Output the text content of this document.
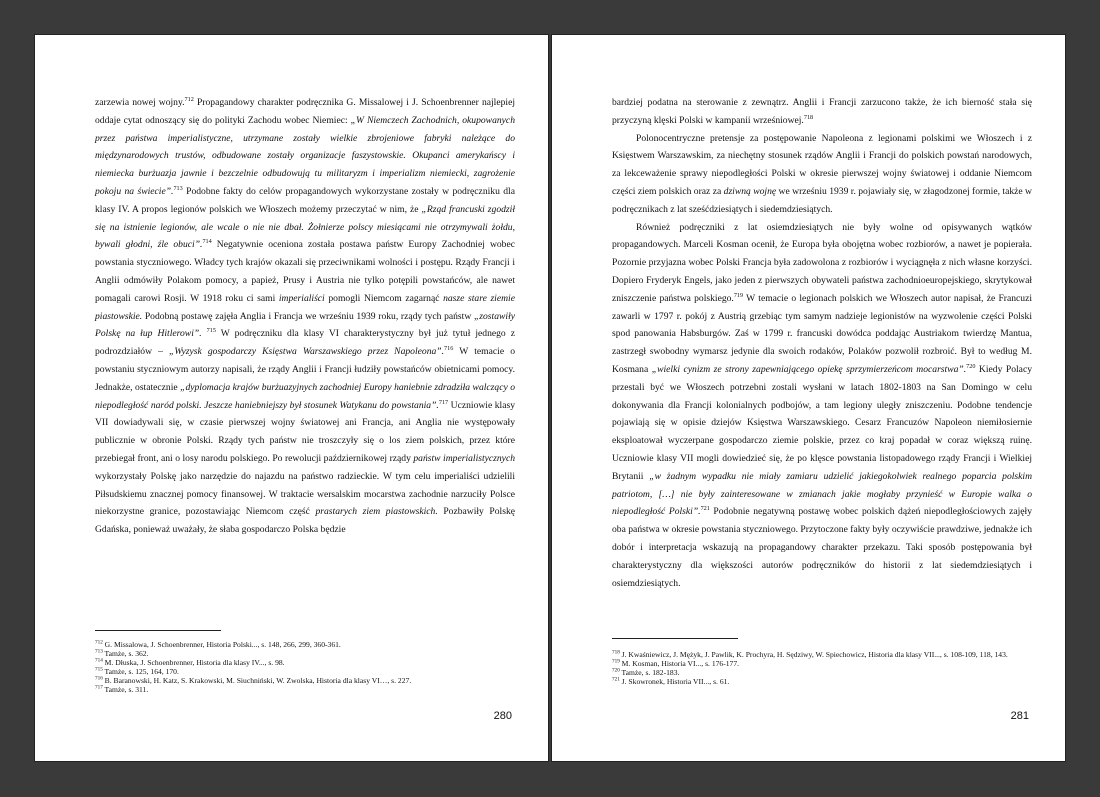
zarzewia nowej wojny.$^{712}$ Propagandowy charakter podręcznika G. Missalowej i J. Schoenbrenner najlepiej oddaje cytat odnoszący się do polityki Zachodu wobec Niemiec: „W Niemczech Zachodnich, okupowanych przez państwa imperialistyczne, utrzymane zostały wielkie zbrojeniowe fabryki należące do międzynarodowych trustów, odbudowane zostały organizacje faszystowskie. Okupanci amerykańscy i niemiecka burżuazja jawnie i bezczelnie odbudowują tu militaryzm i imperializm niemiecki, zagrożenie pokoju na świecie”.$^{713}$ Podobne fakty do celów propagandowych wykorzystane zostały w podręczniku dla klasy IV. A propos legionów polskich we Włoszech możemy przeczytać w nim, że „Rząd francuski zgodził się na istnienie legionów, ale wcale o nie nie dbał. Żołnierze polscy miesiącami nie otrzymywali żołdu, bywali głodni, źle obuci”.$^{714}$ Negatywnie oceniona została postawa państw Europy Zachodniej wobec powstania styczniowego. Władcy tych krajów okazali się przeciwnikami wolności i postępu. Rządy Francji i Anglii odmówiły Polakom pomocy, a papież, Prusy i Austria nie tylko potępili powstańców, ale nawet pomagali carowi Rosji. W 1918 roku ci sami imperialiści pomogli Niemcom zagarnąć nasze stare ziemie piastowskie. Podobną postawę zajęła Anglia i Francja we wrześniu 1939 roku, rządy tych państw „zostawiły Polskę na łup Hitlerowi”. $^{715}$ W podręczniku dla klasy VI charakterystyczny był już tytuł jednego z podrozdziałów – „Wyzysk gospodarczy Księstwa Warszawskiego przez Napoleona”.$^{716}$ W temacie o powstaniu styczniowym autorzy napisali, że rządy Anglii i Francji łudziły powstańców obietnicami pomocy. Jednakże, ostatecznie „dyplomacja krajów burżuazyjnych zachodniej Europy haniebnie zdradziła walczący o niepodległość naród polski. Jeszcze haniebniejszy był stosunek Watykanu do powstania”.$^{717}$ Uczniowie klasy VII dowiadywali się, w czasie pierwszej wojny światowej ani Francja, ani Anglia nie występowały publicznie w obronie Polski. Rządy tych państw nie troszczyły się o los ziem polskich, przez które przebiegał front, ani o losy narodu polskiego. Po rewolucji październikowej rządy państw imperialistycznych wykorzystały Polskę jako narzędzie do najazdu na państwo radzieckie. W tym celu imperialiści udzielili Piłsudskiemu znacznej pomocy finansowej. W traktacie wersalskim mocarstwa zachodnie narzuciły Polsce niekorzystne granice, pozostawiając Niemcom część prastarych ziem piastowskich. Pozbawiły Polskę Gdańska, ponieważ uważały, że słaba gospodarczo Polska będzie

$^{712}$ G. Missalowa, J. Schoenbrenner, Historia Polski..., s. 148, 266, 299, 360-361.

$^{713}$ Tamże, s. 362.

$^{714}$ M. Dłuska, J. Schoenbrenner, Historia dla klasy IV..., s. 98.

$^{715}$ Tamże, s. 125, 164, 170.

$^{716}$ B. Baranowski, H. Katz, S. Krakowski, M. Siuchniński, W. Zwolska, Historia dla klasy VI…, s. 227.

$^{717}$ Tamże, s. 311.

280

bardziej podatna na sterowanie z zewnątrz. Anglii i Francji zarzucono także, że ich bierność stała się przyczyną klęski Polski w kampanii wrześniowej.$^{718}$

Polonocentryczne pretensje za postępowanie Napoleona z legionami polskimi we Włoszech i z Księstwem Warszawskim, za niechętny stosunek rządów Anglii i Francji do polskich powstań narodowych, za lekceważenie sprawy niepodległości Polski w okresie pierwszej wojny światowej i oddanie Niemcom części ziem polskich oraz za dziwną wojnę we wrześniu 1939 r. pojawiały się, w złagodzonej formie, także w podręcznikach z lat sześćdziesiątych i siedemdziesiątych.

Również podręczniki z lat osiemdziesiątych nie były wolne od opisywanych wątków propagandowych. Marceli Kosman ocenił, że Europa była obojętna wobec rozbiorów, a nawet je popierała. Pozornie przyjazna wobec Polski Francja była zadowolona z rozbiorów i wyciągnęła z nich własne korzyści. Dopiero Fryderyk Engels, jako jeden z pierwszych obywateli państwa zachodnioeuropejskiego, skrytykował zniszczenie państwa polskiego.$^{719}$ W temacie o legionach polskich we Włoszech autor napisał, że Francuzi zawarli w 1797 r. pokój z Austrią grzebiąc tym samym nadzieje legionistów na wyzwolenie części Polski spod panowania Habsburgów. Zaś w 1799 r. francuski dowódca poddając Austriakom twierdzę Mantua, zastrzegł swobodny wymarsz jedynie dla swoich rodaków, Polaków pozwolił rozbroić. Był to według M. Kosmana „wielki cynizm ze strony zapewniającego opiekę sprzymierzeńcom mocarstwa”.$^{720}$ Kiedy Polacy przestali być we Włoszech potrzebni zostali wysłani w latach 1802-1803 na San Domingo w celu dokonywania dla Francji kolonialnych podbojów, a tam legiony uległy zniszczeniu. Podobne tendencje pojawiają się w opisie dziejów Księstwa Warszawskiego. Cesarz Francuzów Napoleon niemiłosiernie eksploatował wyczerpane gospodarczo ziemie polskie, przez co kraj popadał w coraz większą ruinę. Uczniowie klasy VII mogli dowiedzieć się, że po klęsce powstania listopadowego rządy Francji i Wielkiej Brytanii „w żadnym wypadku nie miały zamiaru udzielić jakiegokolwiek realnego poparcia polskim patriotom, […] nie były zainteresowane w zmianach jakie mogłaby przynieść w Europie walka o niepodległość Polski”.$^{721}$ Podobnie negatywną postawę wobec polskich dążeń niepodległościowych zajęły oba państwa w okresie powstania styczniowego. Przytoczone fakty były oczywiście prawdziwe, jednakże ich dobór i interpretacja wskazują na propagandowy charakter przekazu. Taki sposób postępowania był charakterystyczny dla większości autorów podręczników do historii z lat siedemdziesiątych i osiemdziesiątych.

$^{718}$ J. Kwaśniewicz, J. Mężyk, J. Pawlik, K. Prochyra, H. Sędziwy, W. Spiechowicz, Historia dla klasy VII..., s. 108-109, 118, 143.

$^{719}$ M. Kosman, Historia VI..., s. 176-177.

$^{720}$ Tamże, s. 182-183.

$^{721}$ J. Skowronek, Historia VII..., s. 61.

281
